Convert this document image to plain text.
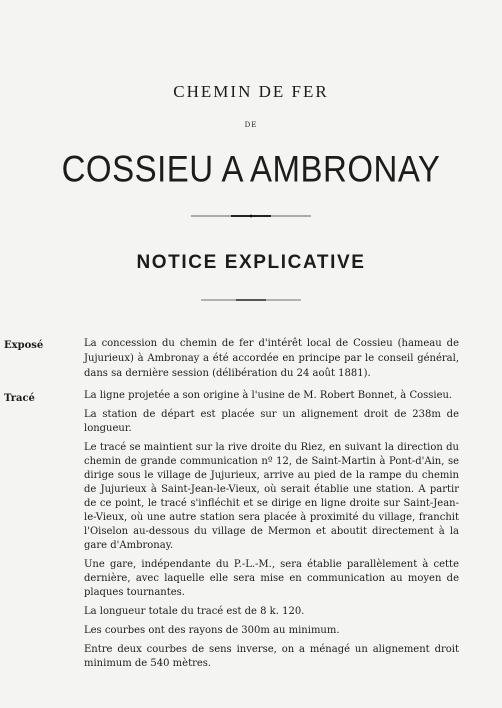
CHEMIN DE FER
DE
COSSIEU A AMBRONAY
NOTICE EXPLICATIVE
Exposé	La concession du chemin de fer d'intérêt local de Cossieu (hameau de Jujurieux) à Ambronay a été accordée en principe par le conseil général, dans sa dernière session (délibération du 24 août 1881).

Tracé	La ligne projetée a son origine à l'usine de M. Robert Bonnet, à Cossieu.

La station de départ est placée sur un alignement droit de 238m de longueur.

Le tracé se maintient sur la rive droite du Riez, en suivant la direction du chemin de grande communication nº 12, de Saint-Martin à Pont-d'Ain, se dirige sous le village de Jujurieux, arrive au pied de la rampe du chemin de Jujurieux à Saint-Jean-le-Vieux, où serait établie une station. A partir de ce point, le tracé s'infléchit et se dirige en ligne droite sur Saint-Jean-le-Vieux, où une autre station sera placée à proximité du village, franchit l'Oiselon au-dessous du village de Mermon et aboutit directement à la gare d'Ambronay.

Une gare, indépendante du P.-L.-M., sera établie parallèlement à cette dernière, avec laquelle elle sera mise en communication au moyen de plaques tournantes.

La longueur totale du tracé est de 8 k. 120.

Les courbes ont des rayons de 300m au minimum.

Entre deux courbes de sens inverse, on a ménagé un alignement droit minimum de 540 mètres.
